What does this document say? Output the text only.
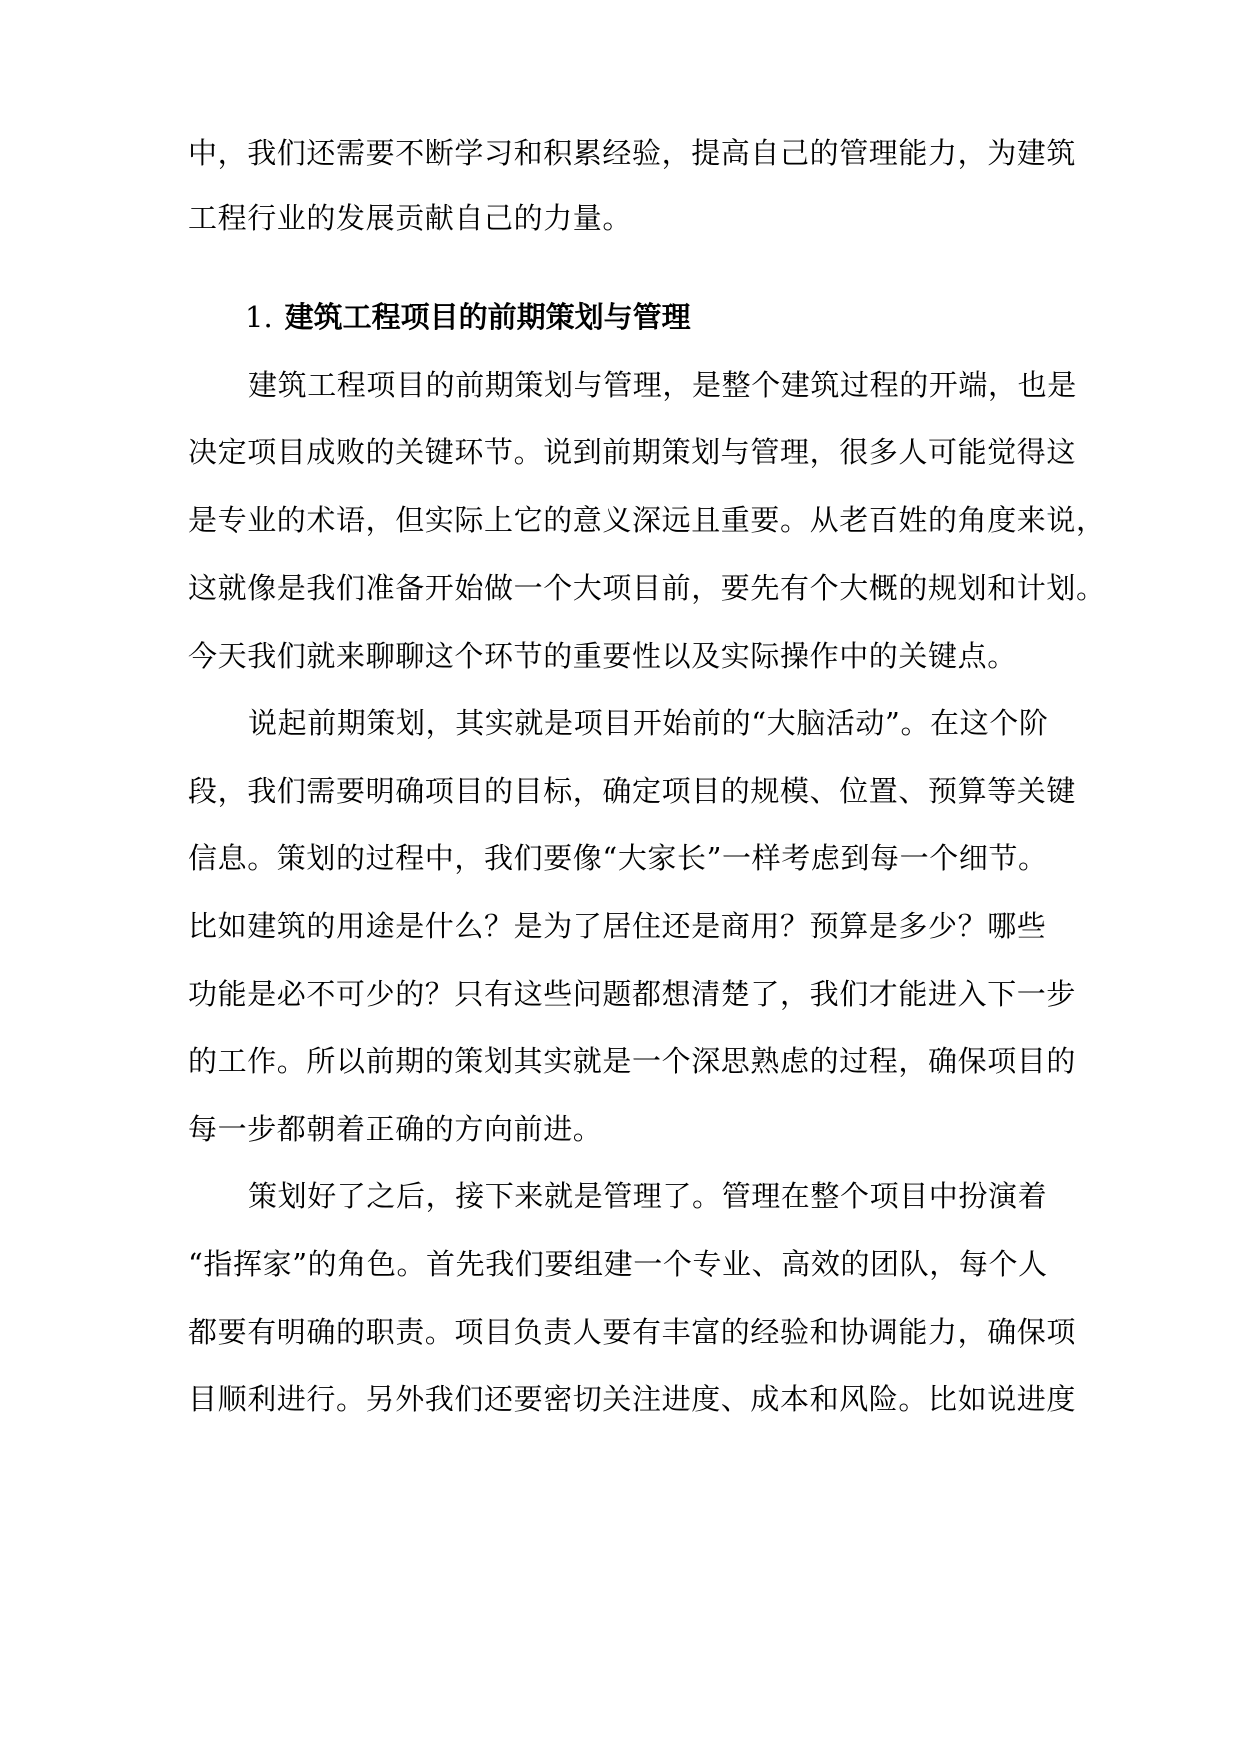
中，我们还需要不断学习和积累经验，提高自己的管理能力，为建筑
工程行业的发展贡献自己的力量。
1. 建筑工程项目的前期策划与管理
建筑工程项目的前期策划与管理，是整个建筑过程的开端，也是
决定项目成败的关键环节。说到前期策划与管理，很多人可能觉得这
是专业的术语，但实际上它的意义深远且重要。从老百姓的角度来说，
这就像是我们准备开始做一个大项目前，要先有个大概的规划和计划。
今天我们就来聊聊这个环节的重要性以及实际操作中的关键点。
说起前期策划，其实就是项目开始前的“大脑活动”。在这个阶
段，我们需要明确项目的目标，确定项目的规模、位置、预算等关键
信息。策划的过程中，我们要像“大家长”一样考虑到每一个细节。
比如建筑的用途是什么？是为了居住还是商用？预算是多少？哪些
功能是必不可少的？只有这些问题都想清楚了，我们才能进入下一步
的工作。所以前期的策划其实就是一个深思熟虑的过程，确保项目的
每一步都朝着正确的方向前进。
策划好了之后，接下来就是管理了。管理在整个项目中扮演着
“指挥家”的角色。首先我们要组建一个专业、高效的团队，每个人
都要有明确的职责。项目负责人要有丰富的经验和协调能力，确保项
目顺利进行。另外我们还要密切关注进度、成本和风险。比如说进度
